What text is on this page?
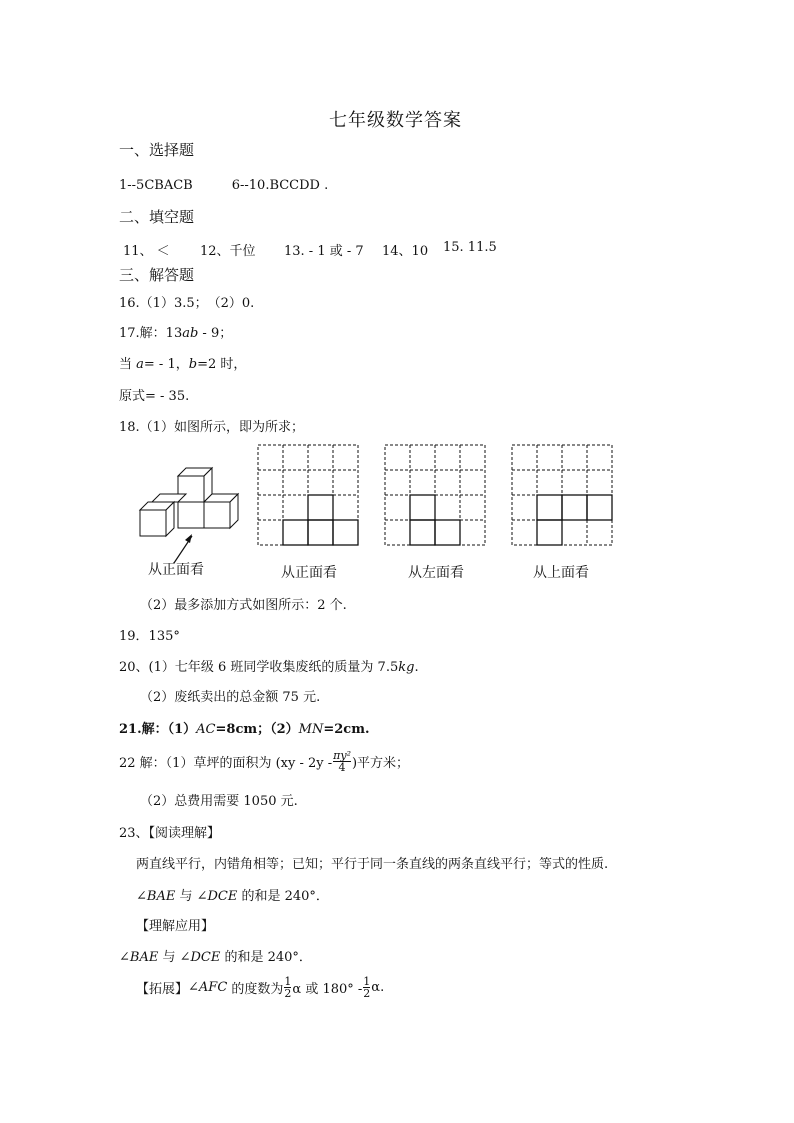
七年级数学答案
一、选择题
1--5CBACB　　　6--10.BCCDD .
二、填空题
11、 ＜ 12、千位 13. - 1 或 - 7 14、10 15. 11.5
三、解答题
16.（1）3.5；　（2）0.
17.解：13ab - 9；
当 a= - 1，b=2 时，
原式= - 35.
18.（1）如图所示，即为所求；
从正面看	从正面看	从左面看	从上面看
（2）最多添加方式如图所示：2 个.
19．135°
20、(1）七年级 6 班同学收集废纸的质量为 7.5kg.
（2）废纸卖出的总金额 75 元.
21.解：（1）AC=8cm；（2）MN=2cm.
22 解：（1）草坪的面积为 ($xy - 2y - \frac{\text{πy²}}{4}$ )平方米；
（2）总费用需要 1050 元.
23、【阅读理解】
两直线平行，内错角相等；已知；平行于同一条直线的两条直线平行；等式的性质.
∠BAE 与 ∠DCE 的和是 240°．
【理解应用】
∠BAE 与 ∠DCE 的和是 240°．
【拓展】∠AFC 的度数为 $\frac{1}{2}$ α 或 $180^\circ - \frac{1}{2} \alpha$.
